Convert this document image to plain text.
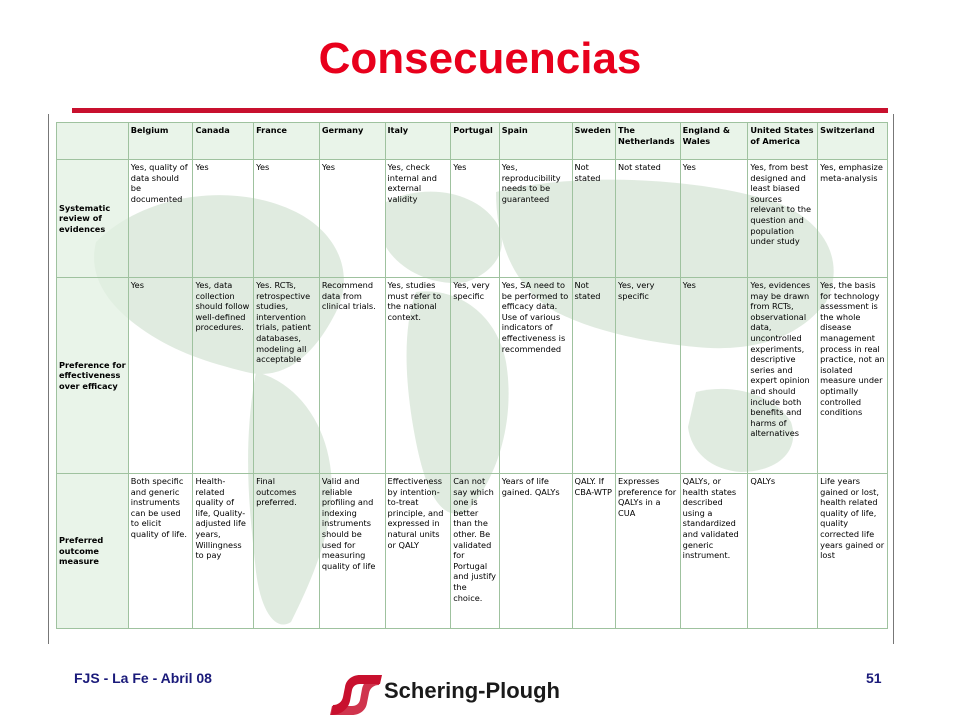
Consecuencias
	Belgium	Canada	France	Germany	Italy	Portugal	Spain	Sweden	The Netherlands	England & Wales	United States of America	Switzerland
Systematic review of evidences	Yes, quality of data should be documented	Yes	Yes	Yes	Yes, check internal and external validity	Yes	Yes, reproducibility needs to be guaranteed	Not stated	Not stated	Yes	Yes, from best designed and least biased sources relevant to the question and population under study	Yes, emphasize meta-analysis
Preference for effectiveness over efficacy	Yes	Yes, data collection should follow well-defined procedures.	Yes. RCTs, retrospective studies, intervention trials, patient databases, modeling all acceptable	Recommend data from clinical trials.	Yes, studies must refer to the national context.	Yes, very specific	Yes, SA need to be performed to efficacy data. Use of various indicators of effectiveness is recommended	Not stated	Yes, very specific	Yes	Yes, evidences may be drawn from RCTs, observational data, uncontrolled experiments, descriptive series and expert opinion and should include both benefits and harms of alternatives	Yes, the basis for technology assessment is the whole disease management process in real practice, not an isolated measure under optimally controlled conditions
Preferred outcome measure	Both specific and generic instruments can be used to elicit quality of life.	Health-related quality of life, Quality-adjusted life years, Willingness to pay	Final outcomes preferred.	Valid and reliable profiling and indexing instruments should be used for measuring quality of life	Effectiveness by intention-to-treat principle, and expressed in natural units or QALY	Can not say which one is better than the other. Be validated for Portugal and justify the choice.	Years of life gained. QALYs	QALY. If CBA-WTP	Expresses preference for QALYs in a CUA	QALYs, or health states described using a standardized and validated generic instrument.	QALYs	Life years gained or lost, health related quality of life, quality corrected life years gained or lost
FJS - La Fe - Abril 08	51
Schering-Plough
